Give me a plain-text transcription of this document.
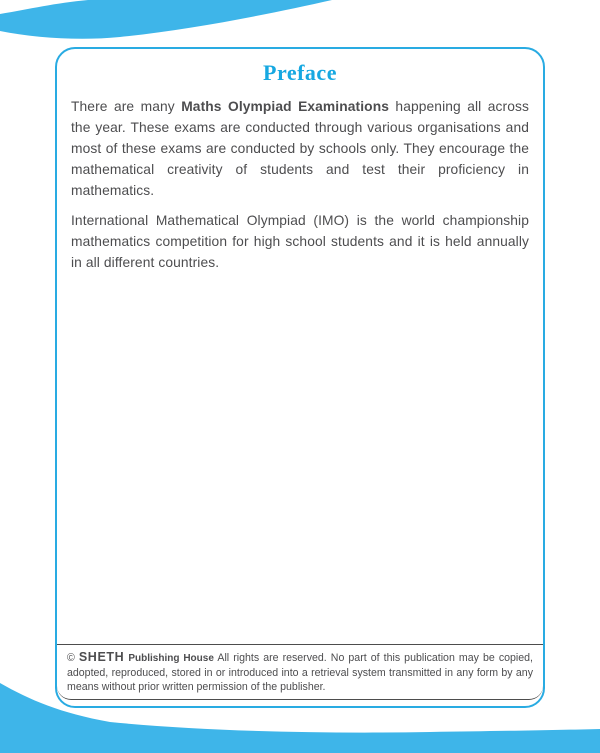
Preface

There are many Maths Olympiad Examinations happening all across the year. These exams are conducted through various organisations and most of these exams are conducted by schools only. They encourage the mathematical creativity of students and test their proficiency in mathematics.

International Mathematical Olympiad (IMO) is the world championship mathematics competition for high school students and it is held annually in all different countries.

© SHETH Publishing House All rights are reserved. No part of this publication may be copied, adopted, reproduced, stored in or introduced into a retrieval system transmitted in any form by any means without prior written permission of the publisher.
